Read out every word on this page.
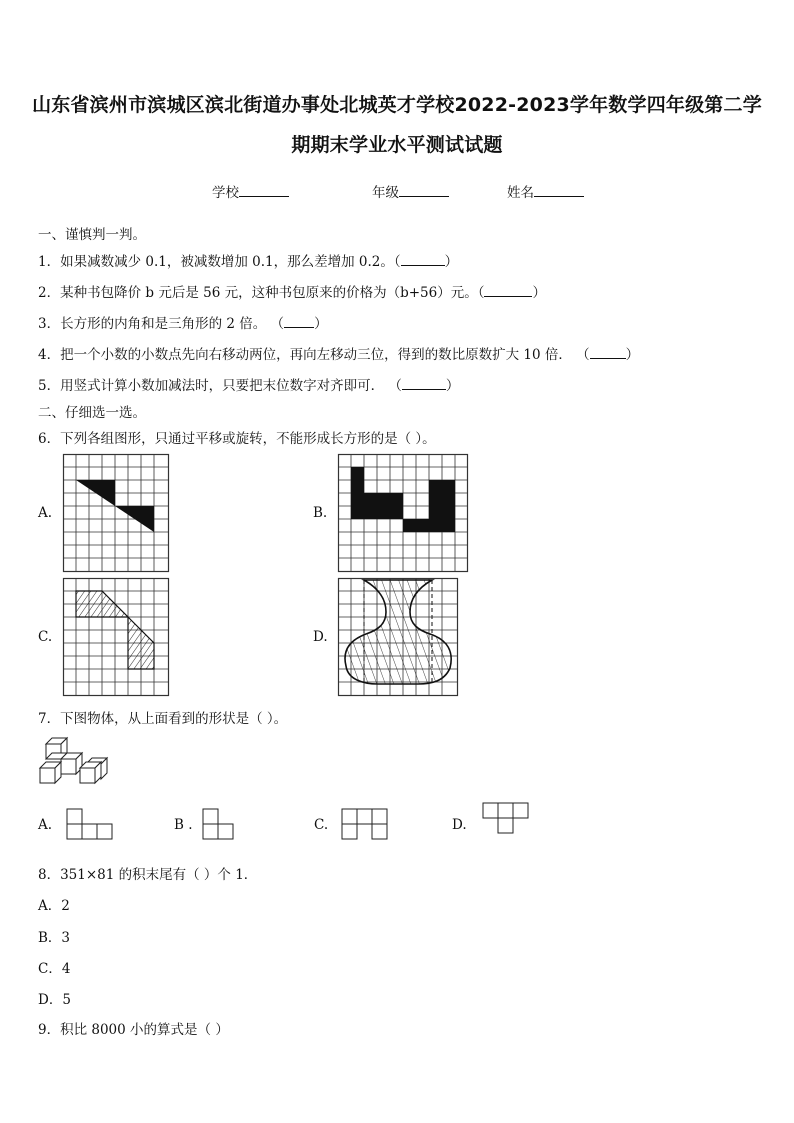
山东省滨州市滨城区滨北街道办事处北城英才学校2022-2023学年数学四年级第二学
期期末学业水平测试试题
学校	年级	姓名
一、谨慎判一判。
1．如果减数减少 0.1，被减数增加 0.1，那么差增加 0.2。（	）
2．某种书包降价 b 元后是 56 元，这种书包原来的价格为（b+56）元。（	）
3．长方形的内角和是三角形的 2 倍。 （ ）
4．把一个小数的小数点先向右移动两位，再向左移动三位，得到的数比原数扩大 10 倍． （	）
5．用竖式计算小数加减法时，只要把末位数字对齐即可． （	）
二、仔细选一选。
6．下列各组图形，只通过平移或旋转，不能形成长方形的是（ ）。
A.	B.
C.	D.
7．下图物体，从上面看到的形状是（ ）。
A.	B .	C.	D.
8．351×81 的积末尾有（ ）个 1．
A．2
B．3
C．4
D．5
9．积比 8000 小的算式是（ ）
